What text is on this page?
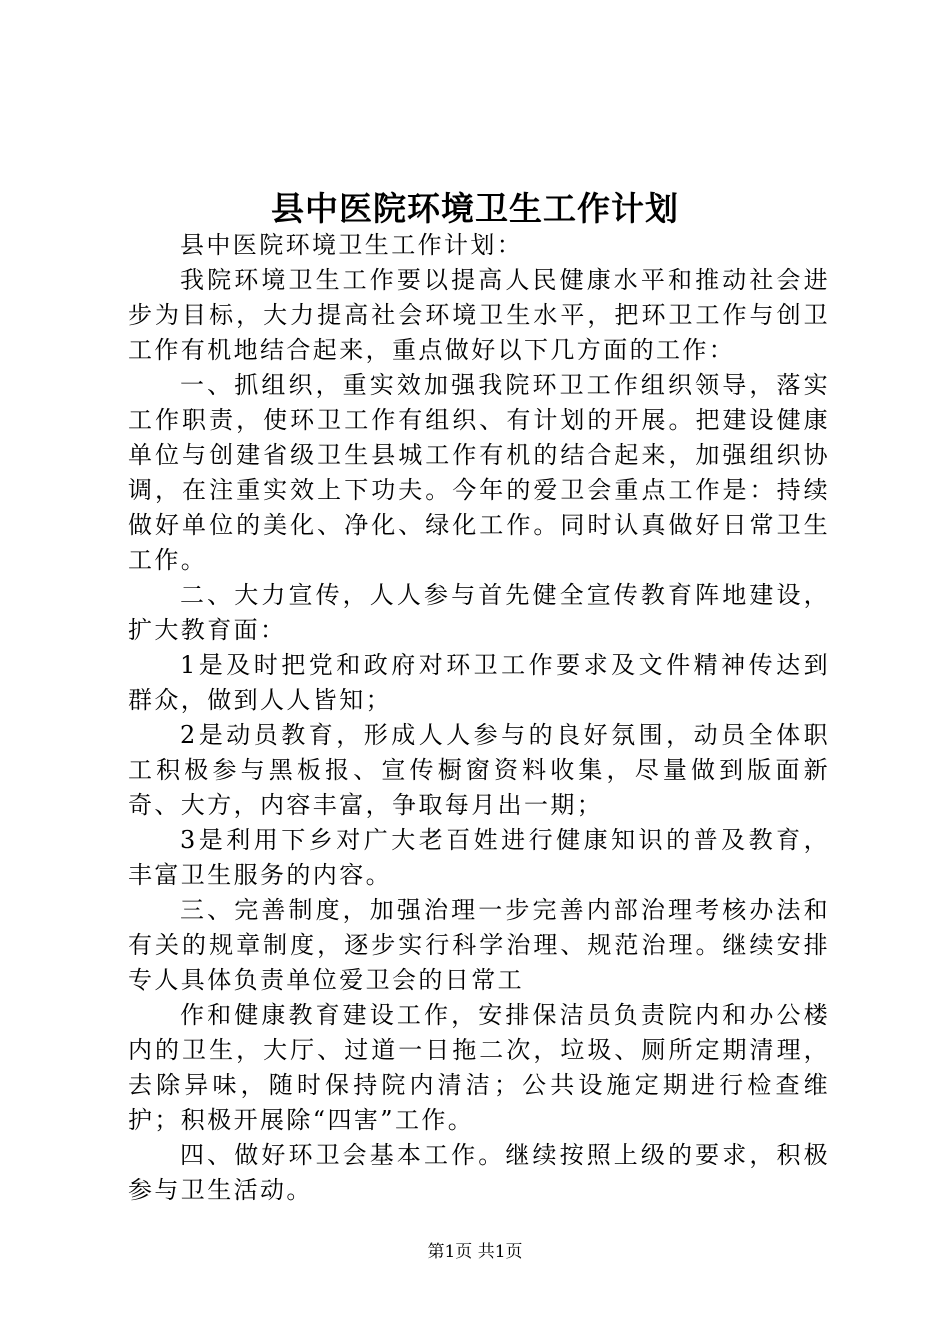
县中医院环境卫生工作计划

县中医院环境卫生工作计划：

我院环境卫生工作要以提高人民健康水平和推动社会进步为目标，大力提高社会环境卫生水平，把环卫工作与创卫工作有机地结合起来，重点做好以下几方面的工作：

一、抓组织，重实效加强我院环卫工作组织领导，落实工作职责，使环卫工作有组织、有计划的开展。把建设健康单位与创建省级卫生县城工作有机的结合起来，加强组织协调，在注重实效上下功夫。今年的爱卫会重点工作是：持续做好单位的美化、净化、绿化工作。同时认真做好日常卫生工作。

二、大力宣传，人人参与首先健全宣传教育阵地建设，扩大教育面：

1是及时把党和政府对环卫工作要求及文件精神传达到群众，做到人人皆知；

2是动员教育，形成人人参与的良好氛围，动员全体职工积极参与黑板报、宣传橱窗资料收集，尽量做到版面新奇、大方，内容丰富，争取每月出一期；

3是利用下乡对广大老百姓进行健康知识的普及教育，丰富卫生服务的内容。

三、完善制度，加强治理一步完善内部治理考核办法和有关的规章制度，逐步实行科学治理、规范治理。继续安排专人具体负责单位爱卫会的日常工

作和健康教育建设工作，安排保洁员负责院内和办公楼内的卫生，大厅、过道一日拖二次，垃圾、厕所定期清理，去除异味，随时保持院内清洁；公共设施定期进行检查维护；积极开展除“四害”工作。

四、做好环卫会基本工作。继续按照上级的要求，积极参与卫生活动。

第1页 共1页
